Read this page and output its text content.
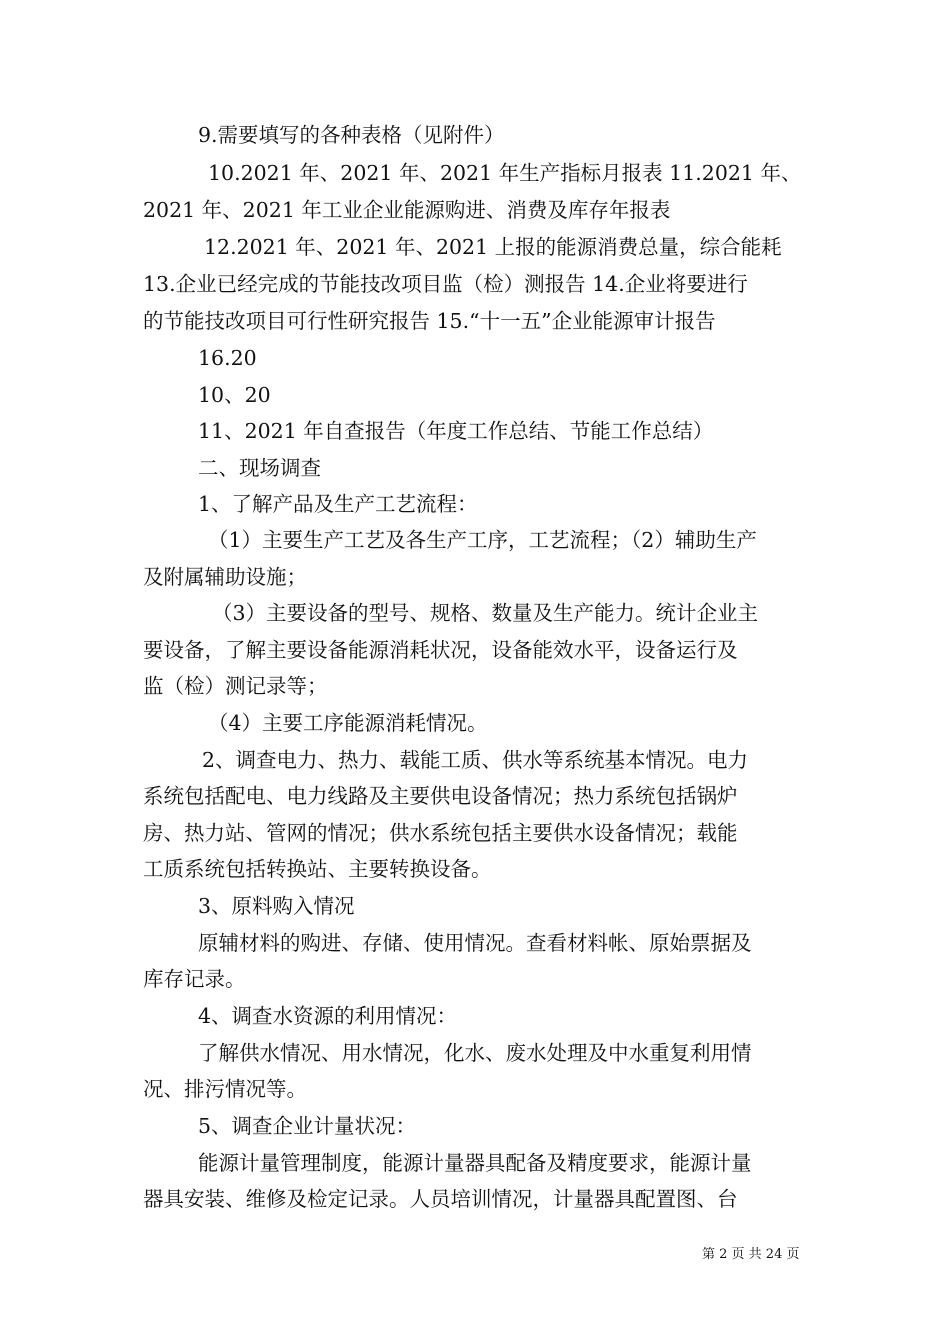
9.需要填写的各种表格（见附件）
10.2021 年、2021 年、2021 年生产指标月报表 11.2021 年、
2021 年、2021 年工业企业能源购进、消费及库存年报表
12.2021 年、2021 年、2021 上报的能源消费总量，综合能耗
13.企业已经完成的节能技改项目监（检）测报告 14.企业将要进行
的节能技改项目可行性研究报告 15.“十一五”企业能源审计报告
16.20
10、20
11、2021 年自查报告（年度工作总结、节能工作总结）
二、现场调查
1、了解产品及生产工艺流程：
（1）主要生产工艺及各生产工序，工艺流程；（2）辅助生产
及附属辅助设施；
（3）主要设备的型号、规格、数量及生产能力。统计企业主
要设备，了解主要设备能源消耗状况，设备能效水平，设备运行及
监（检）测记录等；
（4）主要工序能源消耗情况。
2、调查电力、热力、载能工质、供水等系统基本情况。电力
系统包括配电、电力线路及主要供电设备情况；热力系统包括锅炉
房、热力站、管网的情况；供水系统包括主要供水设备情况；载能
工质系统包括转换站、主要转换设备。
3、原料购入情况
原辅材料的购进、存储、使用情况。查看材料帐、原始票据及
库存记录。
4、调查水资源的利用情况：
了解供水情况、用水情况，化水、废水处理及中水重复利用情
况、排污情况等。
5、调查企业计量状况：
能源计量管理制度，能源计量器具配备及精度要求，能源计量
器具安装、维修及检定记录。人员培训情况，计量器具配置图、台
第 2 页 共 24 页
